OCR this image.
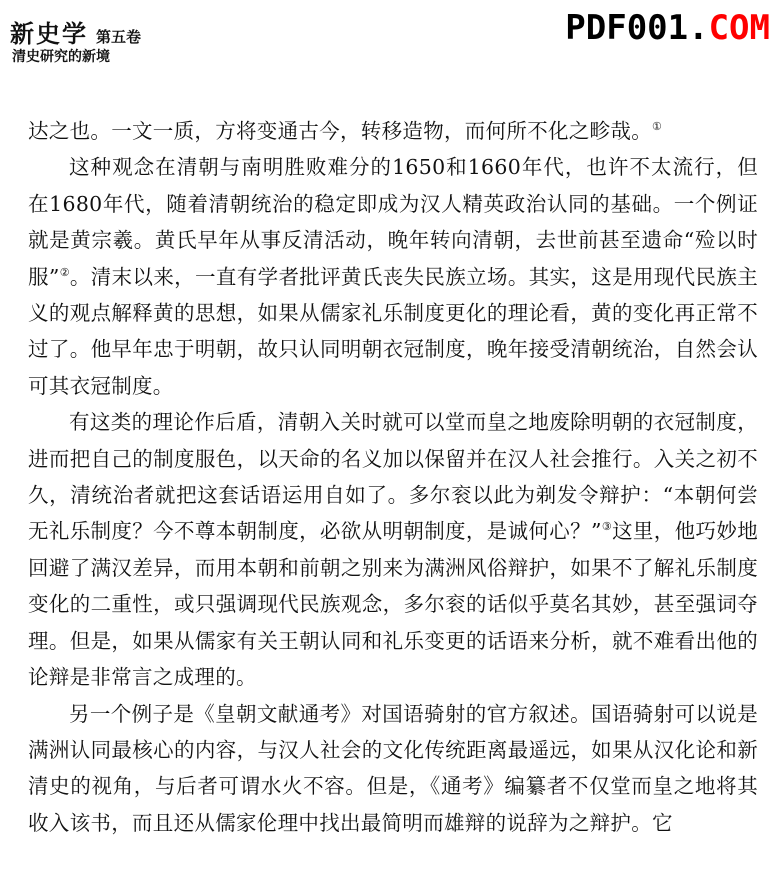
新史学 第五卷
清史研究的新境
PDF001.COM

达之也。一文一质，方将变通古今，转移造物，而何所不化之畛哉。①

这种观念在清朝与南明胜败难分的1650和1660年代，也许不太流行，但在1680年代，随着清朝统治的稳定即成为汉人精英政治认同的基础。一个例证就是黄宗羲。黄氏早年从事反清活动，晚年转向清朝，去世前甚至遗命“殓以时服”②。清末以来，一直有学者批评黄氏丧失民族立场。其实，这是用现代民族主义的观点解释黄的思想，如果从儒家礼乐制度更化的理论看，黄的变化再正常不过了。他早年忠于明朝，故只认同明朝衣冠制度，晚年接受清朝统治，自然会认可其衣冠制度。

有这类的理论作后盾，清朝入关时就可以堂而皇之地废除明朝的衣冠制度，进而把自己的制度服色，以天命的名义加以保留并在汉人社会推行。入关之初不久，清统治者就把这套话语运用自如了。多尔衮以此为剃发令辩护：“本朝何尝无礼乐制度？今不尊本朝制度，必欲从明朝制度，是诚何心？”③这里，他巧妙地回避了满汉差异，而用本朝和前朝之别来为满洲风俗辩护，如果不了解礼乐制度变化的二重性，或只强调现代民族观念，多尔衮的话似乎莫名其妙，甚至强词夺理。但是，如果从儒家有关王朝认同和礼乐变更的话语来分析，就不难看出他的论辩是非常言之成理的。

另一个例子是《皇朝文献通考》对国语骑射的官方叙述。国语骑射可以说是满洲认同最核心的内容，与汉人社会的文化传统距离最遥远，如果从汉化论和新清史的视角，与后者可谓水火不容。但是，《通考》编纂者不仅堂而皇之地将其收入该书，而且还从儒家伦理中找出最简明而雄辩的说辞为之辩护。它
